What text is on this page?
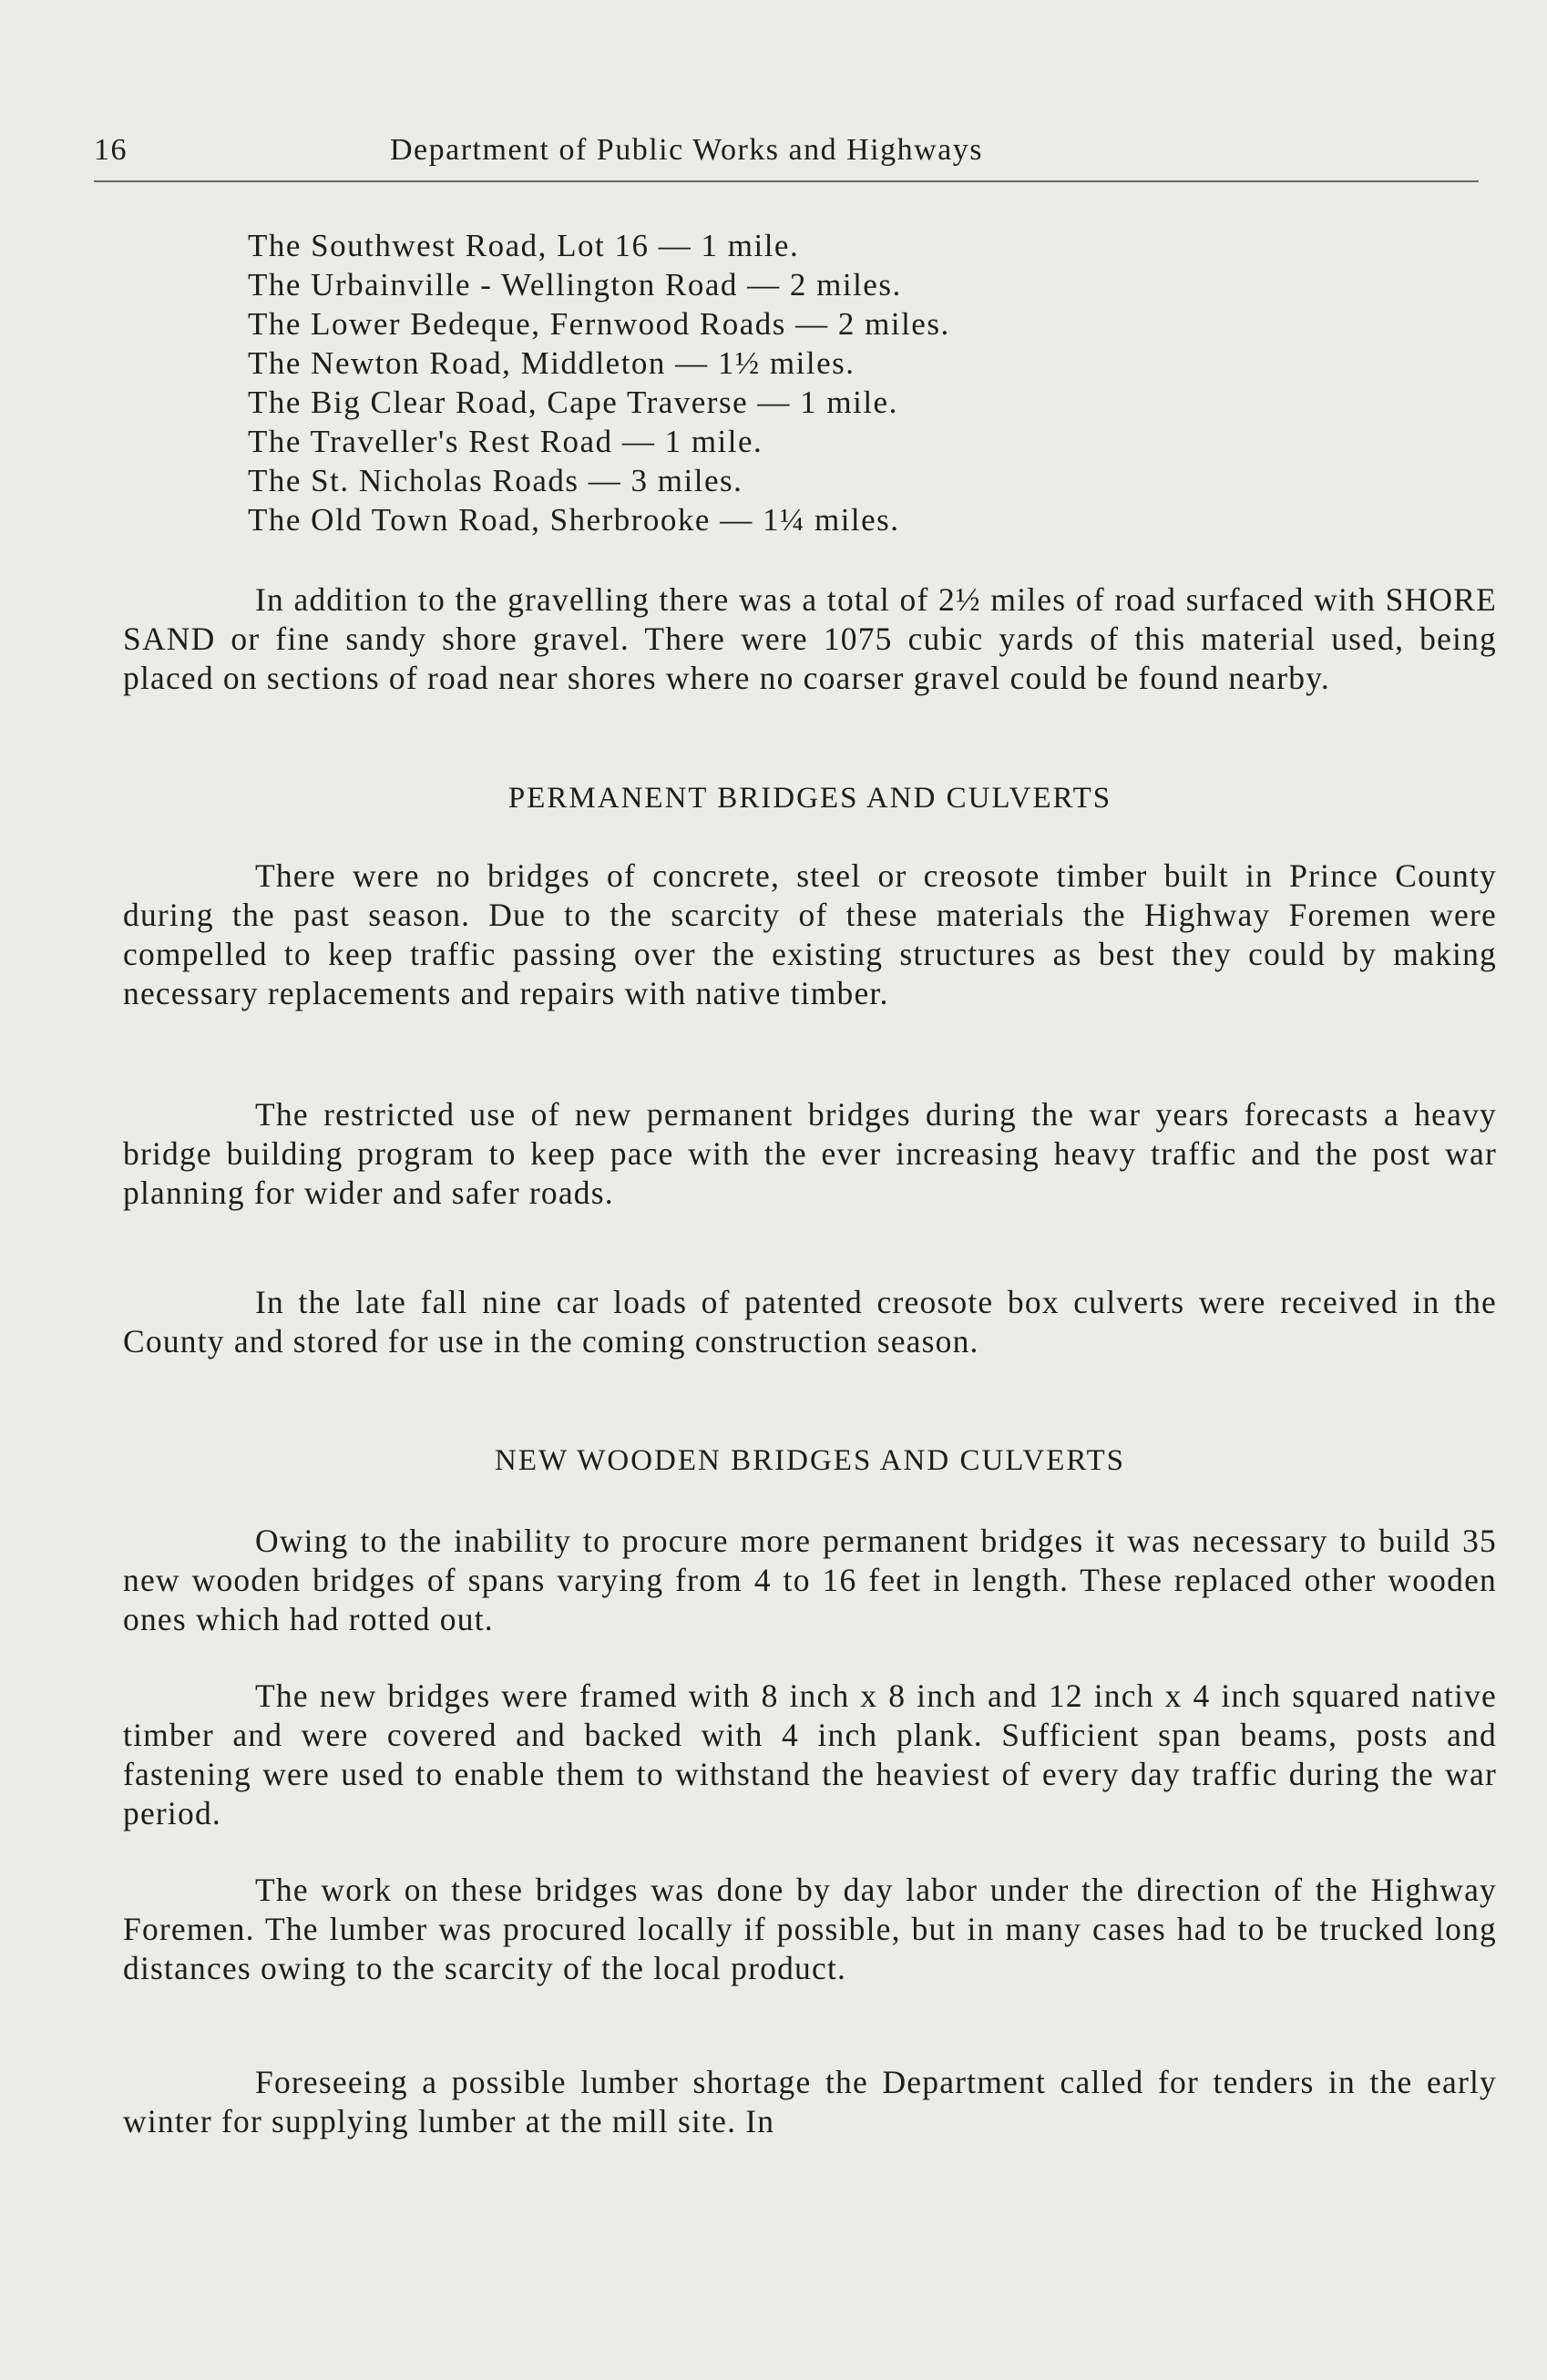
16	Department of Public Works and Highways
The Southwest Road, Lot 16 — 1 mile.
The Urbainville - Wellington Road — 2 miles.
The Lower Bedeque, Fernwood Roads — 2 miles.
The Newton Road, Middleton — 1½ miles.
The Big Clear Road, Cape Traverse — 1 mile.
The Traveller's Rest Road — 1 mile.
The St. Nicholas Roads — 3 miles.
The Old Town Road, Sherbrooke — 1¼ miles.

In addition to the gravelling there was a total of 2½ miles of road surfaced with SHORE SAND or fine sandy shore gravel. There were 1075 cubic yards of this material used, being placed on sections of road near shores where no coarser gravel could be found nearby.

PERMANENT BRIDGES AND CULVERTS

There were no bridges of concrete, steel or creosote timber built in Prince County during the past season. Due to the scarcity of these materials the Highway Foremen were compelled to keep traffic passing over the existing structures as best they could by making necessary replacements and repairs with native timber.

The restricted use of new permanent bridges during the war years forecasts a heavy bridge building program to keep pace with the ever increasing heavy traffic and the post war planning for wider and safer roads.

In the late fall nine car loads of patented creosote box culverts were received in the County and stored for use in the coming construction season.

NEW WOODEN BRIDGES AND CULVERTS

Owing to the inability to procure more permanent bridges it was necessary to build 35 new wooden bridges of spans varying from 4 to 16 feet in length. These replaced other wooden ones which had rotted out.

The new bridges were framed with 8 inch x 8 inch and 12 inch x 4 inch squared native timber and were covered and backed with 4 inch plank. Sufficient span beams, posts and fastening were used to enable them to withstand the heaviest of every day traffic during the war period.

The work on these bridges was done by day labor under the direction of the Highway Foremen. The lumber was procured locally if possible, but in many cases had to be trucked long distances owing to the scarcity of the local product.

Foreseeing a possible lumber shortage the Department called for tenders in the early winter for supplying lumber at the mill site. In
